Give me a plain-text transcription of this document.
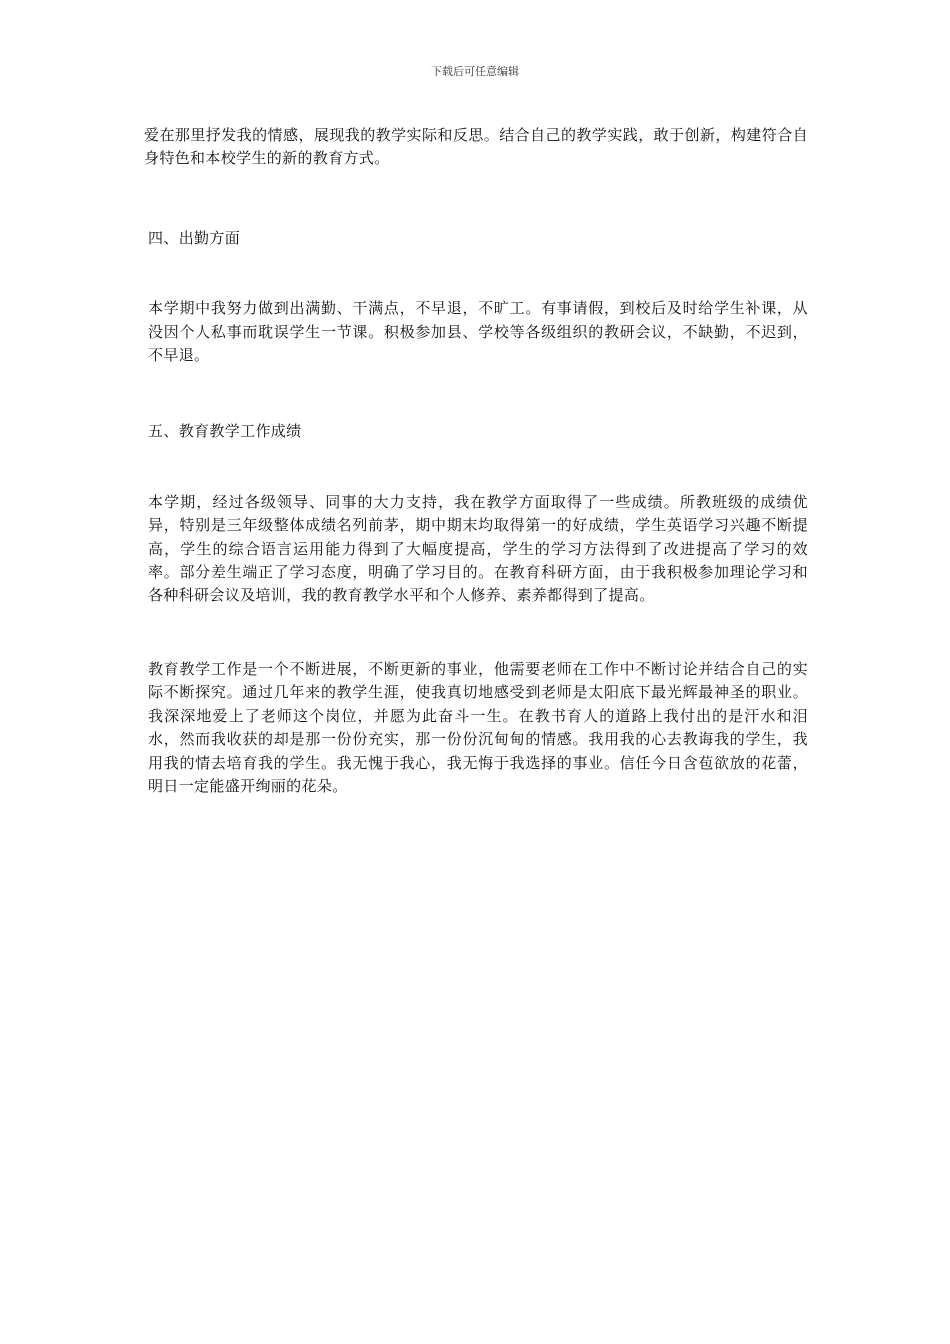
下载后可任意编辑

爱在那里抒发我的情感，展现我的教学实际和反思。结合自己的教学实践，敢于创新，构建符合自身特色和本校学生的新的教育方式。

四、出勤方面

本学期中我努力做到出满勤、干满点，不早退，不旷工。有事请假，到校后及时给学生补课，从没因个人私事而耽误学生一节课。积极参加县、学校等各级组织的教研会议，不缺勤，不迟到，不早退。

五、教育教学工作成绩

本学期，经过各级领导、同事的大力支持，我在教学方面取得了一些成绩。所教班级的成绩优异，特别是三年级整体成绩名列前茅，期中期末均取得第一的好成绩，学生英语学习兴趣不断提高，学生的综合语言运用能力得到了大幅度提高，学生的学习方法得到了改进提高了学习的效率。部分差生端正了学习态度，明确了学习目的。在教育科研方面，由于我积极参加理论学习和各种科研会议及培训，我的教育教学水平和个人修养、素养都得到了提高。

教育教学工作是一个不断进展，不断更新的事业，他需要老师在工作中不断讨论并结合自己的实际不断探究。通过几年来的教学生涯，使我真切地感受到老师是太阳底下最光辉最神圣的职业。我深深地爱上了老师这个岗位，并愿为此奋斗一生。在教书育人的道路上我付出的是汗水和泪水，然而我收获的却是那一份份充实，那一份份沉甸甸的情感。我用我的心去教诲我的学生，我用我的情去培育我的学生。我无愧于我心，我无悔于我选择的事业。信任今日含苞欲放的花蕾，明日一定能盛开绚丽的花朵。
